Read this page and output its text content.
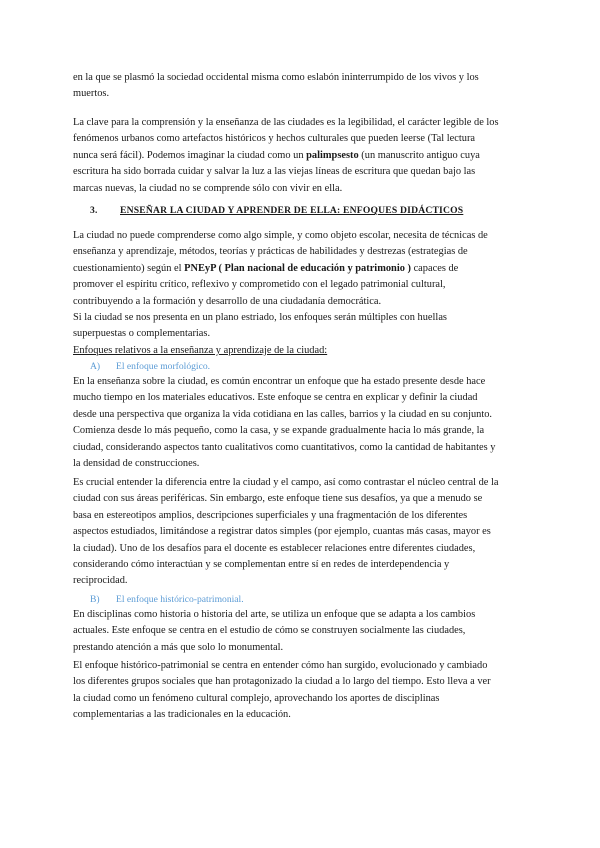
en la que se plasmó la sociedad occidental misma como eslabón ininterrumpido de los vivos y los
muertos.
La clave para la comprensión y la enseñanza de las ciudades es la legibilidad, el carácter legible de los
fenómenos urbanos como artefactos históricos y hechos culturales que pueden leerse (Tal lectura
nunca será fácil). Podemos imaginar la ciudad como un palimpsesto (un manuscrito antiguo cuya
escritura ha sido borrada cuidar y salvar la luz a las viejas líneas de escritura que quedan bajo las
marcas nuevas, la ciudad no se comprende sólo con vivir en ella.
3. ENSEÑAR LA CIUDAD Y APRENDER DE ELLA: ENFOQUES DIDÁCTICOS
La ciudad no puede comprenderse como algo simple, y como objeto escolar, necesita de técnicas de
enseñanza y aprendizaje, métodos, teorías y prácticas de habilidades y destrezas (estrategias de
cuestionamiento) según el PNEyP ( Plan nacional de educación y patrimonio ) capaces de
promover el espíritu crítico, reflexivo y comprometido con el legado patrimonial cultural,
contribuyendo a la formación y desarrollo de una ciudadanía democrática.
Si la ciudad se nos presenta en un plano estriado, los enfoques serán múltiples con huellas
superpuestas o complementarias.
Enfoques relativos a la enseñanza y aprendizaje de la ciudad:
A) El enfoque morfológico.
En la enseñanza sobre la ciudad, es común encontrar un enfoque que ha estado presente desde hace
mucho tiempo en los materiales educativos. Este enfoque se centra en explicar y definir la ciudad
desde una perspectiva que organiza la vida cotidiana en las calles, barrios y la ciudad en su conjunto.
Comienza desde lo más pequeño, como la casa, y se expande gradualmente hacia lo más grande, la
ciudad, considerando aspectos tanto cualitativos como cuantitativos, como la cantidad de habitantes y
la densidad de construcciones.
Es crucial entender la diferencia entre la ciudad y el campo, así como contrastar el núcleo central de la
ciudad con sus áreas periféricas. Sin embargo, este enfoque tiene sus desafíos, ya que a menudo se
basa en estereotipos amplios, descripciones superficiales y una fragmentación de los diferentes
aspectos estudiados, limitándose a registrar datos simples (por ejemplo, cuantas más casas, mayor es
la ciudad). Uno de los desafíos para el docente es establecer relaciones entre diferentes ciudades,
considerando cómo interactúan y se complementan entre sí en redes de interdependencia y
reciprocidad.
B) El enfoque histórico-patrimonial.
En disciplinas como historia o historia del arte, se utiliza un enfoque que se adapta a los cambios
actuales. Este enfoque se centra en el estudio de cómo se construyen socialmente las ciudades,
prestando atención a más que solo lo monumental.
El enfoque histórico-patrimonial se centra en entender cómo han surgido, evolucionado y cambiado
los diferentes grupos sociales que han protagonizado la ciudad a lo largo del tiempo. Esto lleva a ver
la ciudad como un fenómeno cultural complejo, aprovechando los aportes de disciplinas
complementarias a las tradicionales en la educación.
